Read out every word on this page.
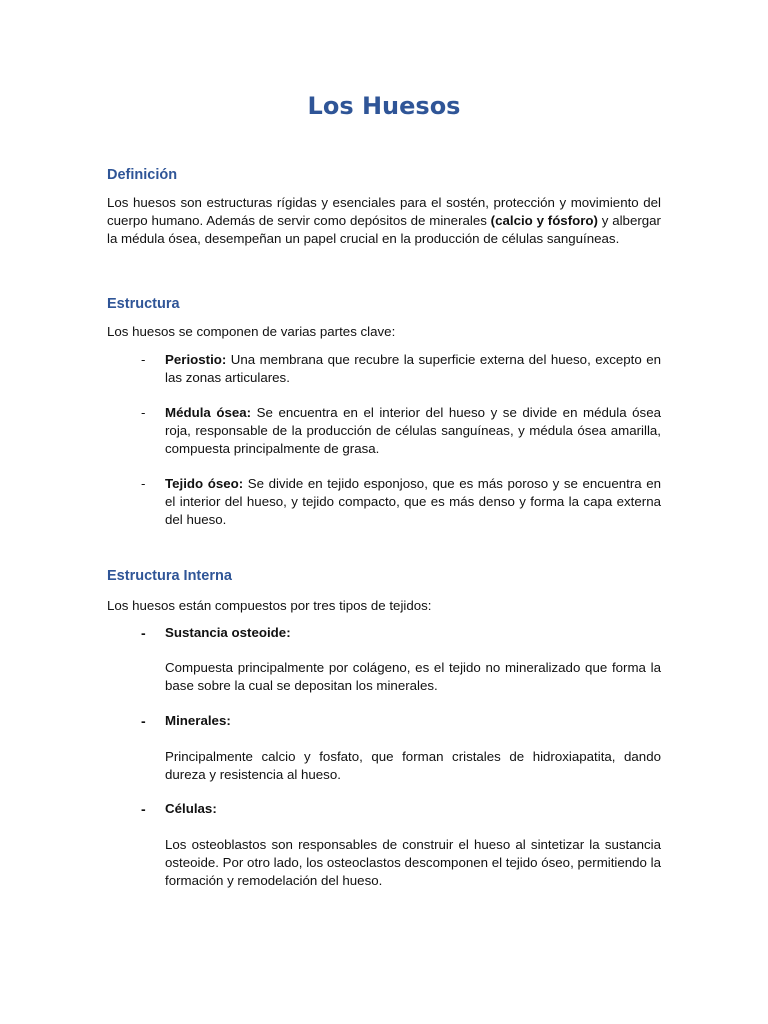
Los Huesos
Definición

Los huesos son estructuras rígidas y esenciales para el sostén, protección y movimiento del cuerpo humano. Además de servir como depósitos de minerales (calcio y fósforo) y albergar la médula ósea, desempeñan un papel crucial en la producción de células sanguíneas.

Estructura

Los huesos se componen de varias partes clave:

- Periostio: Una membrana que recubre la superficie externa del hueso, excepto en las zonas articulares.

- Médula ósea: Se encuentra en el interior del hueso y se divide en médula ósea roja, responsable de la producción de células sanguíneas, y médula ósea amarilla, compuesta principalmente de grasa.

- Tejido óseo: Se divide en tejido esponjoso, que es más poroso y se encuentra en el interior del hueso, y tejido compacto, que es más denso y forma la capa externa del hueso.

Estructura Interna

Los huesos están compuestos por tres tipos de tejidos:

- Sustancia osteoide:

Compuesta principalmente por colágeno, es el tejido no mineralizado que forma la base sobre la cual se depositan los minerales.

- Minerales:

Principalmente calcio y fosfato, que forman cristales de hidroxiapatita, dando dureza y resistencia al hueso.

- Células:

Los osteoblastos son responsables de construir el hueso al sintetizar la sustancia osteoide. Por otro lado, los osteoclastos descomponen el tejido óseo, permitiendo la formación y remodelación del hueso.
